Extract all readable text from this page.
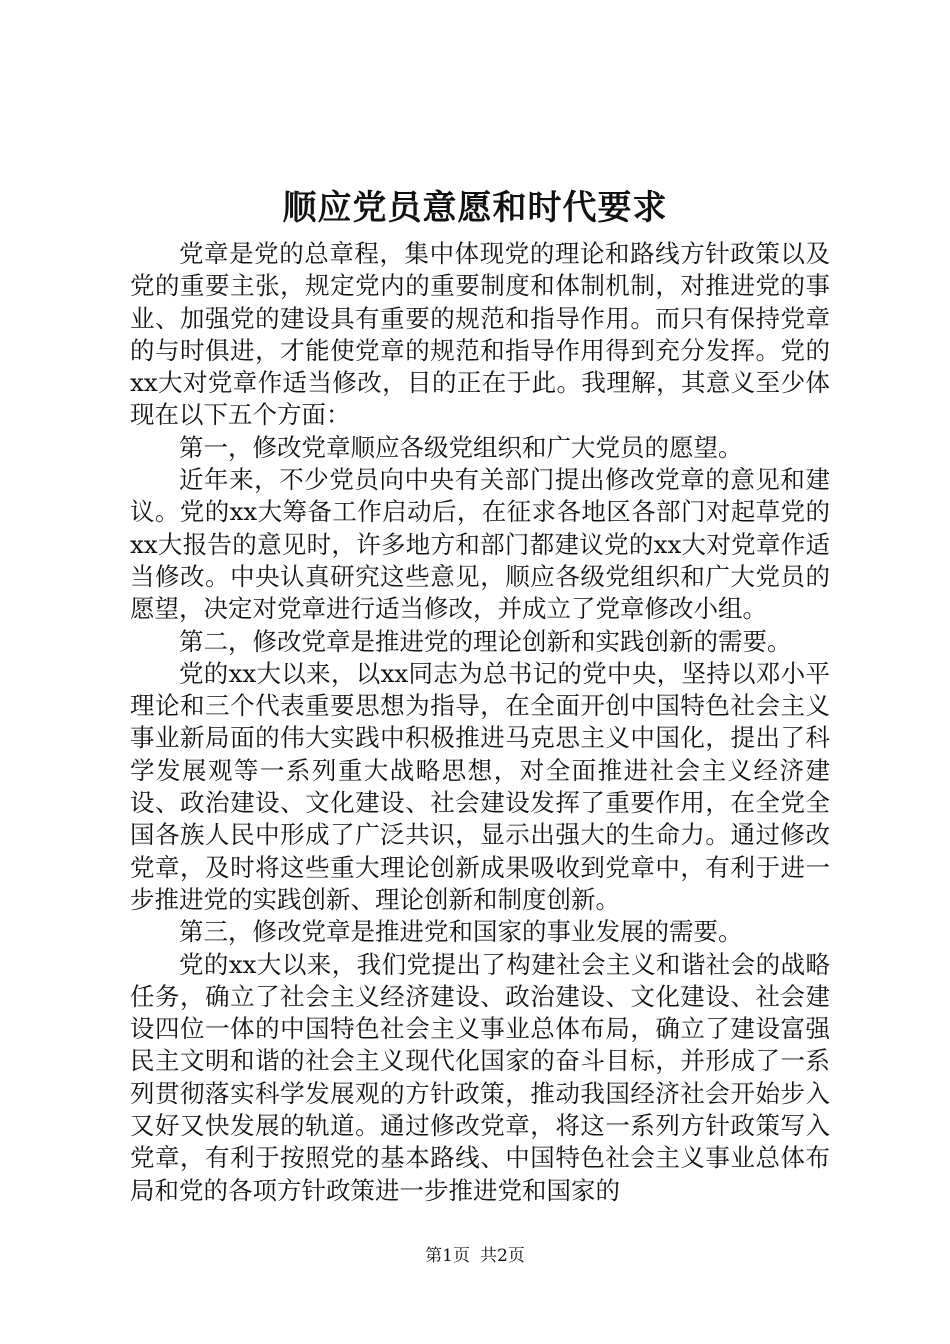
顺应党员意愿和时代要求

党章是党的总章程，集中体现党的理论和路线方针政策以及党的重要主张，规定党内的重要制度和体制机制，对推进党的事业、加强党的建设具有重要的规范和指导作用。而只有保持党章的与时俱进，才能使党章的规范和指导作用得到充分发挥。党的xx大对党章作适当修改，目的正在于此。我理解，其意义至少体现在以下五个方面：

第一，修改党章顺应各级党组织和广大党员的愿望。

近年来，不少党员向中央有关部门提出修改党章的意见和建议。党的xx大筹备工作启动后，在征求各地区各部门对起草党的xx大报告的意见时，许多地方和部门都建议党的xx大对党章作适当修改。中央认真研究这些意见，顺应各级党组织和广大党员的愿望，决定对党章进行适当修改，并成立了党章修改小组。

第二，修改党章是推进党的理论创新和实践创新的需要。

党的xx大以来，以xx同志为总书记的党中央，坚持以邓小平理论和三个代表重要思想为指导，在全面开创中国特色社会主义事业新局面的伟大实践中积极推进马克思主义中国化，提出了科学发展观等一系列重大战略思想，对全面推进社会主义经济建设、政治建设、文化建设、社会建设发挥了重要作用，在全党全国各族人民中形成了广泛共识，显示出强大的生命力。通过修改党章，及时将这些重大理论创新成果吸收到党章中，有利于进一步推进党的实践创新、理论创新和制度创新。

第三，修改党章是推进党和国家的事业发展的需要。

党的xx大以来，我们党提出了构建社会主义和谐社会的战略任务，确立了社会主义经济建设、政治建设、文化建设、社会建设四位一体的中国特色社会主义事业总体布局，确立了建设富强民主文明和谐的社会主义现代化国家的奋斗目标，并形成了一系列贯彻落实科学发展观的方针政策，推动我国经济社会开始步入又好又快发展的轨道。通过修改党章，将这一系列方针政策写入党章，有利于按照党的基本路线、中国特色社会主义事业总体布局和党的各项方针政策进一步推进党和国家的

第1页 共2页
